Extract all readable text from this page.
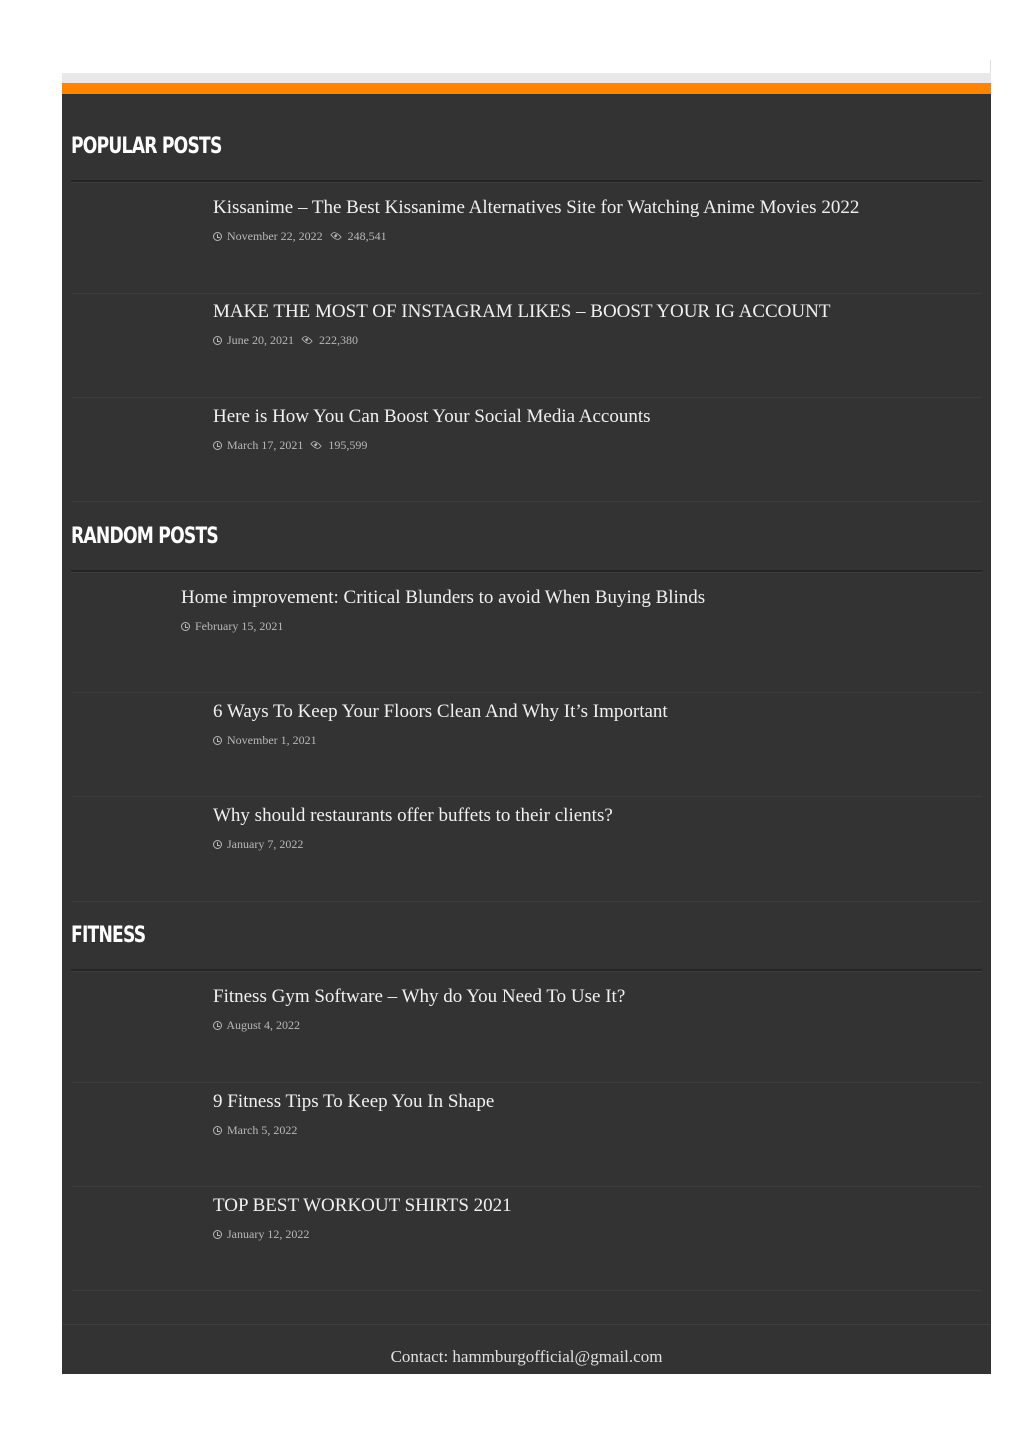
POPULAR POSTS
Kissanime – The Best Kissanime Alternatives Site for Watching Anime Movies 2022
November 22, 2022 248,541
MAKE THE MOST OF INSTAGRAM LIKES – BOOST YOUR IG ACCOUNT
June 20, 2021 222,380
Here is How You Can Boost Your Social Media Accounts
March 17, 2021 195,599
RANDOM POSTS
Home improvement: Critical Blunders to avoid When Buying Blinds
February 15, 2021
6 Ways To Keep Your Floors Clean And Why It’s Important
November 1, 2021
Why should restaurants offer buffets to their clients?
January 7, 2022
FITNESS
Fitness Gym Software – Why do You Need To Use It?
August 4, 2022
9 Fitness Tips To Keep You In Shape
March 5, 2022
TOP BEST WORKOUT SHIRTS 2021
January 12, 2022
Contact: hammburgofficial@gmail.com
